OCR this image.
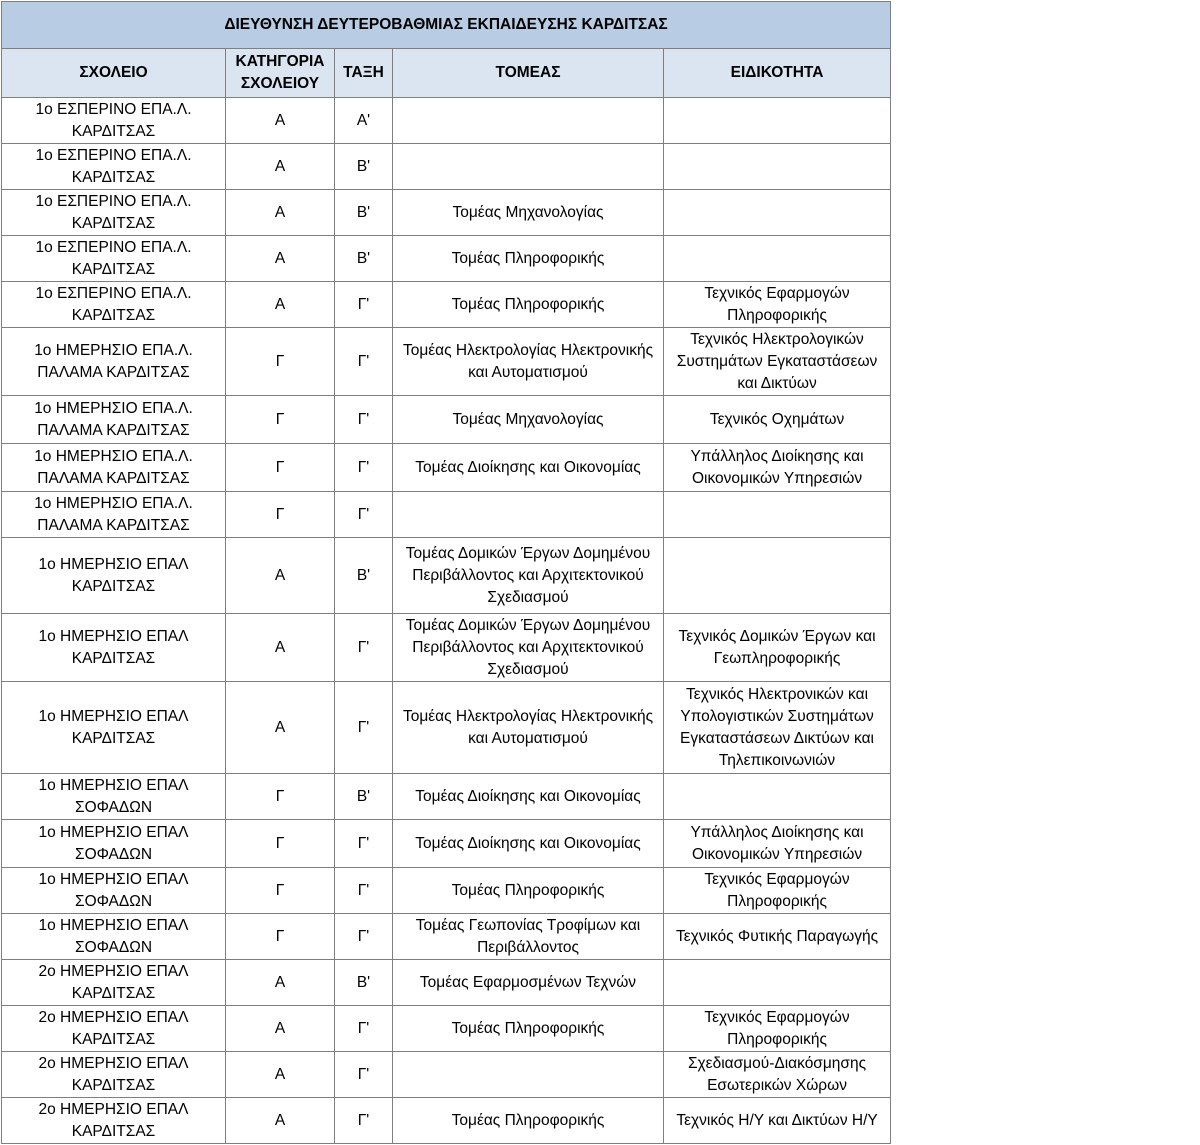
ΔΙΕΥΘΥΝΣΗ ΔΕΥΤΕΡΟΒΑΘΜΙΑΣ ΕΚΠΑΙΔΕΥΣΗΣ ΚΑΡΔΙΤΣΑΣ				
ΣΧΟΛΕΙΟ	ΚΑΤΗΓΟΡΙΑ ΣΧΟΛΕΙΟΥ	ΤΑΞΗ	ΤΟΜΕΑΣ	ΕΙΔΙΚΟΤΗΤΑ
1ο ΕΣΠΕΡΙΝΟ ΕΠΑ.Λ. ΚΑΡΔΙΤΣΑΣ	Α	Α'		
1ο ΕΣΠΕΡΙΝΟ ΕΠΑ.Λ. ΚΑΡΔΙΤΣΑΣ	Α	Β'		
1ο ΕΣΠΕΡΙΝΟ ΕΠΑ.Λ. ΚΑΡΔΙΤΣΑΣ	Α	Β'	Τομέας Μηχανολογίας	
1ο ΕΣΠΕΡΙΝΟ ΕΠΑ.Λ. ΚΑΡΔΙΤΣΑΣ	Α	Β'	Τομέας Πληροφορικής	
1ο ΕΣΠΕΡΙΝΟ ΕΠΑ.Λ. ΚΑΡΔΙΤΣΑΣ	Α	Γ'	Τομέας Πληροφορικής	Τεχνικός Εφαρμογών Πληροφορικής
1ο ΗΜΕΡΗΣΙΟ ΕΠΑ.Λ. ΠΑΛΑΜΑ ΚΑΡΔΙΤΣΑΣ	Γ	Γ'	Τομέας Ηλεκτρολογίας Ηλεκτρονικής και Αυτοματισμού	Τεχνικός Ηλεκτρολογικών Συστημάτων Εγκαταστάσεων και Δικτύων
1ο ΗΜΕΡΗΣΙΟ ΕΠΑ.Λ. ΠΑΛΑΜΑ ΚΑΡΔΙΤΣΑΣ	Γ	Γ'	Τομέας Μηχανολογίας	Τεχνικός Οχημάτων
1ο ΗΜΕΡΗΣΙΟ ΕΠΑ.Λ. ΠΑΛΑΜΑ ΚΑΡΔΙΤΣΑΣ	Γ	Γ'	Τομέας Διοίκησης και Οικονομίας	Υπάλληλος Διοίκησης και Οικονομικών Υπηρεσιών
1ο ΗΜΕΡΗΣΙΟ ΕΠΑ.Λ. ΠΑΛΑΜΑ ΚΑΡΔΙΤΣΑΣ	Γ	Γ'		
1ο ΗΜΕΡΗΣΙΟ ΕΠΑΛ ΚΑΡΔΙΤΣΑΣ	Α	Β'	Τομέας Δομικών Έργων Δομημένου Περιβάλλοντος και Αρχιτεκτονικού Σχεδιασμού	
1ο ΗΜΕΡΗΣΙΟ ΕΠΑΛ ΚΑΡΔΙΤΣΑΣ	Α	Γ'	Τομέας Δομικών Έργων Δομημένου Περιβάλλοντος και Αρχιτεκτονικού Σχεδιασμού	Τεχνικός Δομικών Έργων και Γεωπληροφορικής
1ο ΗΜΕΡΗΣΙΟ ΕΠΑΛ ΚΑΡΔΙΤΣΑΣ	Α	Γ'	Τομέας Ηλεκτρολογίας Ηλεκτρονικής και Αυτοματισμού	Τεχνικός Ηλεκτρονικών και Υπολογιστικών Συστημάτων Εγκαταστάσεων Δικτύων και Τηλεπικοινωνιών
1ο ΗΜΕΡΗΣΙΟ ΕΠΑΛ ΣΟΦΑΔΩΝ	Γ	Β'	Τομέας Διοίκησης και Οικονομίας	
1ο ΗΜΕΡΗΣΙΟ ΕΠΑΛ ΣΟΦΑΔΩΝ	Γ	Γ'	Τομέας Διοίκησης και Οικονομίας	Υπάλληλος Διοίκησης και Οικονομικών Υπηρεσιών
1ο ΗΜΕΡΗΣΙΟ ΕΠΑΛ ΣΟΦΑΔΩΝ	Γ	Γ'	Τομέας Πληροφορικής	Τεχνικός Εφαρμογών Πληροφορικής
1ο ΗΜΕΡΗΣΙΟ ΕΠΑΛ ΣΟΦΑΔΩΝ	Γ	Γ'	Τομέας Γεωπονίας Τροφίμων και Περιβάλλοντος	Τεχνικός Φυτικής Παραγωγής
2ο ΗΜΕΡΗΣΙΟ ΕΠΑΛ ΚΑΡΔΙΤΣΑΣ	Α	Β'	Τομέας Εφαρμοσμένων Τεχνών	
2ο ΗΜΕΡΗΣΙΟ ΕΠΑΛ ΚΑΡΔΙΤΣΑΣ	Α	Γ'	Τομέας Πληροφορικής	Τεχνικός Εφαρμογών Πληροφορικής
2ο ΗΜΕΡΗΣΙΟ ΕΠΑΛ ΚΑΡΔΙΤΣΑΣ	Α	Γ'		Σχεδιασμού-Διακόσμησης Εσωτερικών Χώρων
2ο ΗΜΕΡΗΣΙΟ ΕΠΑΛ ΚΑΡΔΙΤΣΑΣ	Α	Γ'	Τομέας Πληροφορικής	Τεχνικός Η/Υ και Δικτύων Η/Υ
